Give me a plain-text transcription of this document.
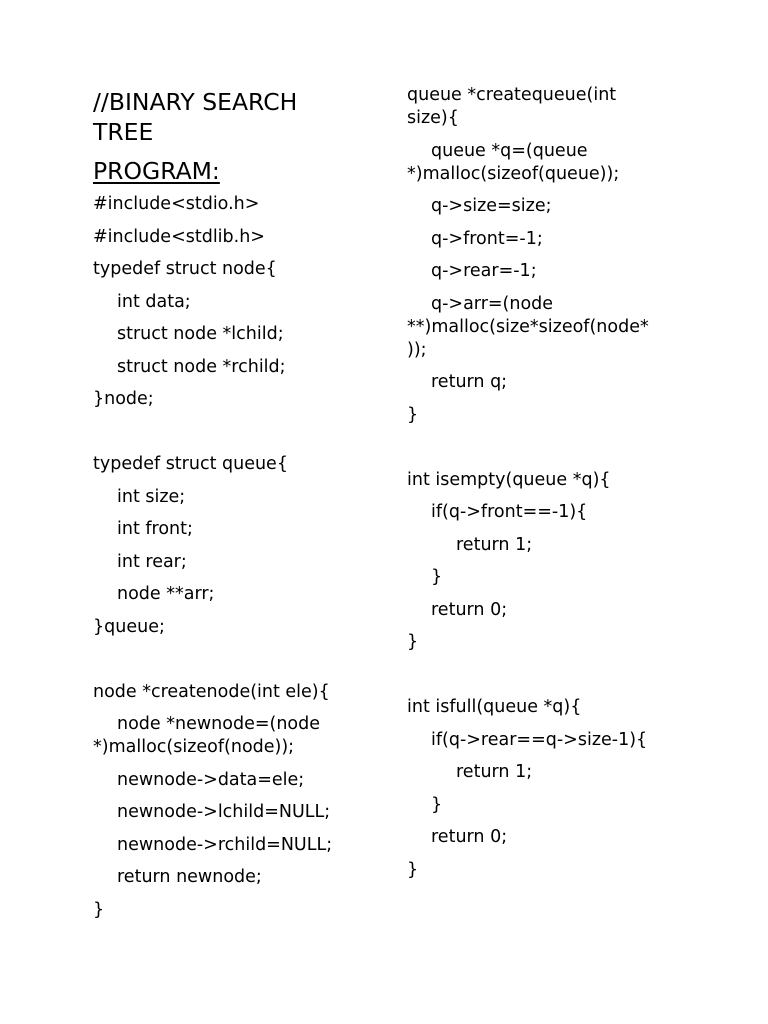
//BINARY SEARCH

TREE

PROGRAM:

#include<stdio.h>

#include<stdlib.h>

typedef struct node{

int data;

struct node *lchild;

struct node *rchild;

}node;

typedef struct queue{

int size;

int front;

int rear;

node **arr;

}queue;

node *createnode(int ele){

node *newnode=(node
*)malloc(sizeof(node));

newnode->data=ele;

newnode->lchild=NULL;

newnode->rchild=NULL;

return newnode;

}

queue *createqueue(int
size){

queue *q=(queue
*)malloc(sizeof(queue));

q->size=size;

q->front=-1;

q->rear=-1;

q->arr=(node
**)malloc(size*sizeof(node*
));

return q;

}

int isempty(queue *q){

if(q->front==-1){

return 1;

}

return 0;

}

int isfull(queue *q){

if(q->rear==q->size-1){

return 1;

}

return 0;

}
